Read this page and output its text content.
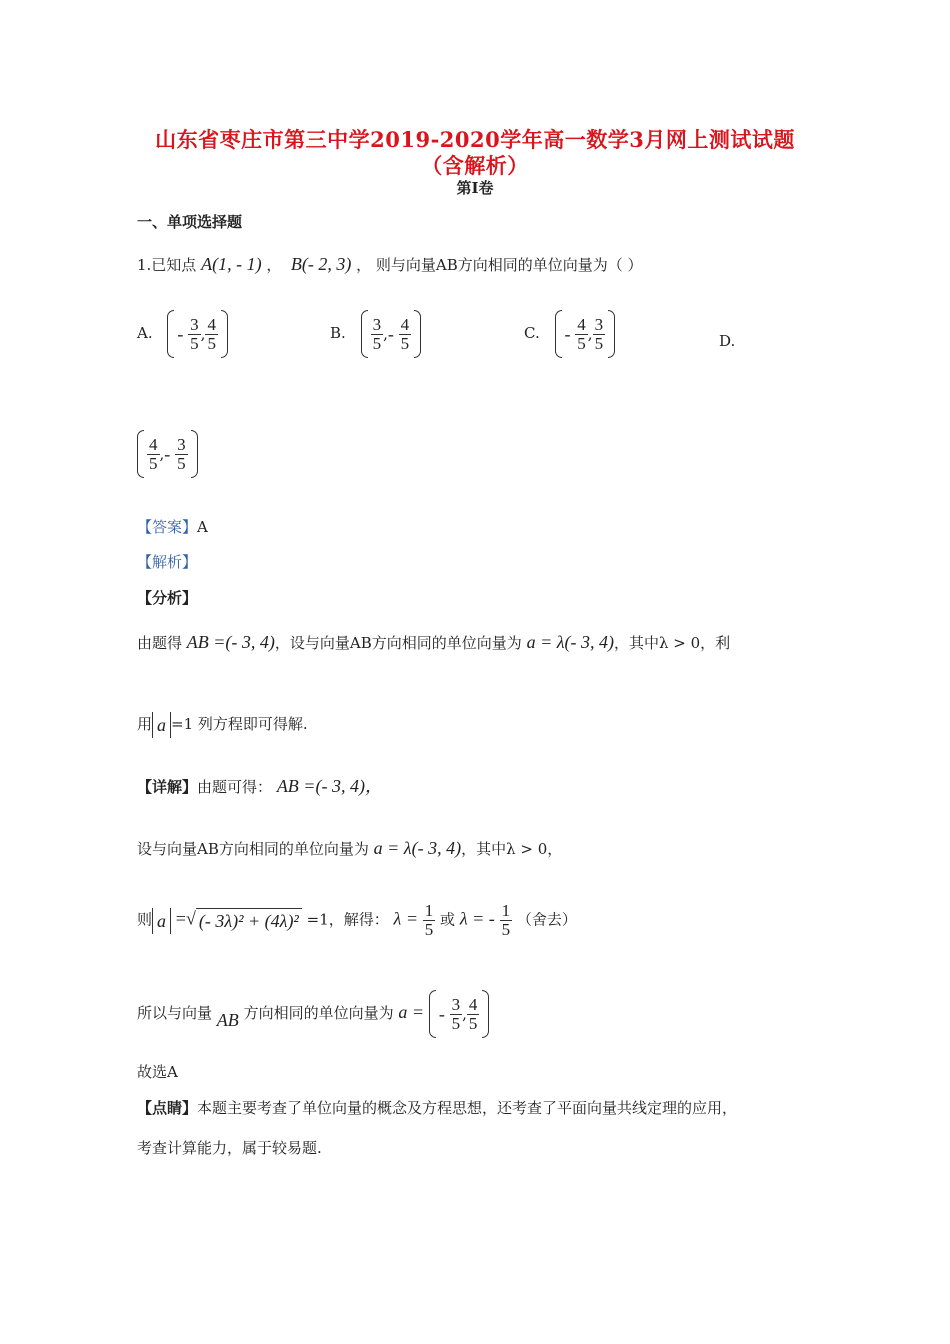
山东省枣庄市第三中学2019-2020学年高一数学3月网上测试试题
（含解析）
第Ⅰ卷
一、单项选择题
1.已知点 A(1, - 1) ，  B(- 2, 3) ， 则与向量AB方向相同的单位向量为（ ）
A. -
$\frac{3}{5}$ , $\frac{4}{5}$	B. $\frac{3}{5}$ , -
$\frac{4}{5}$	C. -
$\frac{4}{5}$ , $\frac{3}{5}$	D.
$\frac{4}{5}$ , -
$\frac{3}{5}$
【答案】A
【解析】
【分析】
由题得 AB =(- 3, 4)，设与向量AB方向相同的单位向量为 a = λ(- 3, 4)，其中λ > 0，利
用 a =1 列方程即可得解.
【详解】由题可得： AB =(- 3, 4)，
设与向量AB方向相同的单位向量为 a = λ(- 3, 4)，其中λ > 0，
则 a =√ (- 3λ)² + (4λ)² =1，解得： $\lambda = \frac{1}{5}$ 或 λ = - $\frac{1}{5}$ （舍去）
所以与向量 AB 方向相同的单位向量为 a = -
$\frac{3}{5}$ , $\frac{4}{5}$
故选A
【点睛】本题主要考查了单位向量的概念及方程思想，还考查了平面向量共线定理的应用，
考查计算能力，属于较易题.
